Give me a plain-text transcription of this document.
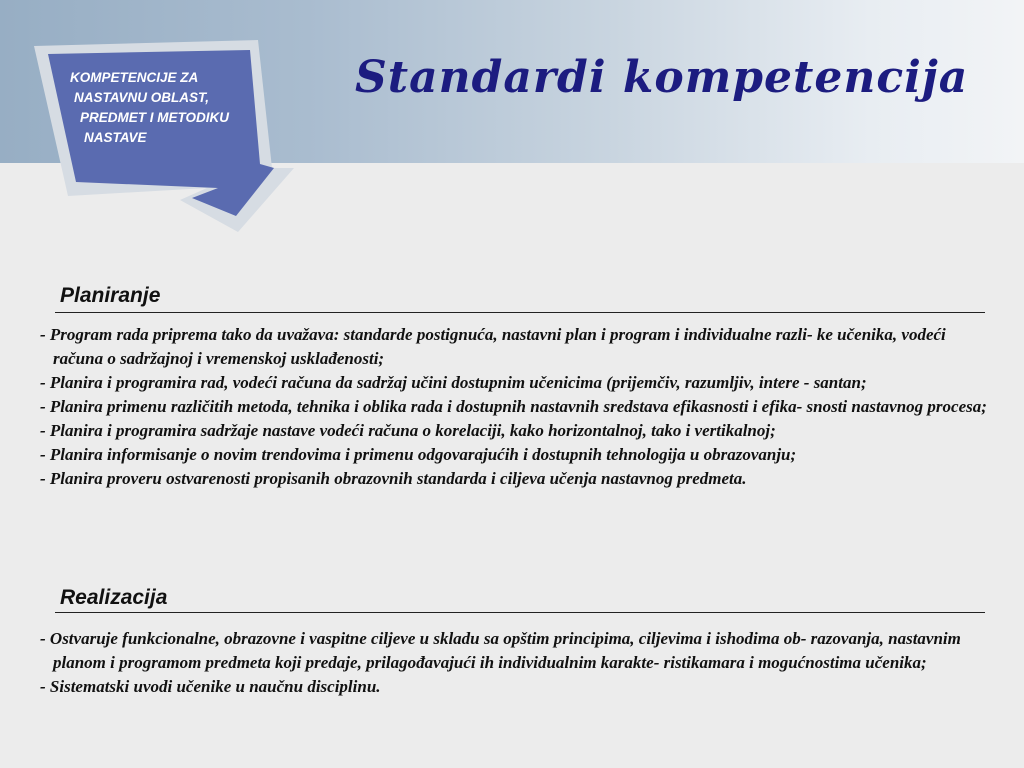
KOMPETENCIJE ZA
NASTAVNU OBLAST,
PREDMET I METODIKU
NASTAVE
Standardi kompetencija
Planiranje
- Program rada priprema tako da uvažava: standarde postignuća, nastavni plan i program i individualne razli- ke učenika, vodeći računa o sadržajnoj i vremenskoj usklađenosti;
- Planira i programira rad, vodeći računa da sadržaj učini dostupnim učenicima (prijemčiv, razumljiv, intere - santan;
- Planira primenu različitih metoda, tehnika i oblika rada i dostupnih nastavnih sredstava efikasnosti i efika- snosti nastavnog procesa;
- Planira i programira sadržaje nastave vodeći računa o korelaciji, kako horizontalnoj, tako i vertikalnoj;
- Planira informisanje o novim trendovima i primenu odgovarajućih i dostupnih tehnologija u obrazovanju;
- Planira proveru ostvarenosti propisanih obrazovnih standarda i ciljeva učenja nastavnog predmeta.
Realizacija
- Ostvaruje funkcionalne, obrazovne i vaspitne ciljeve u skladu sa opštim principima, ciljevima i ishodima ob- razovanja, nastavnim planom i programom predmeta koji predaje, prilagođavajući ih individualnim karakte- ristikamara i mogućnostima učenika;
- Sistematski uvodi učenike u naučnu disciplinu.
